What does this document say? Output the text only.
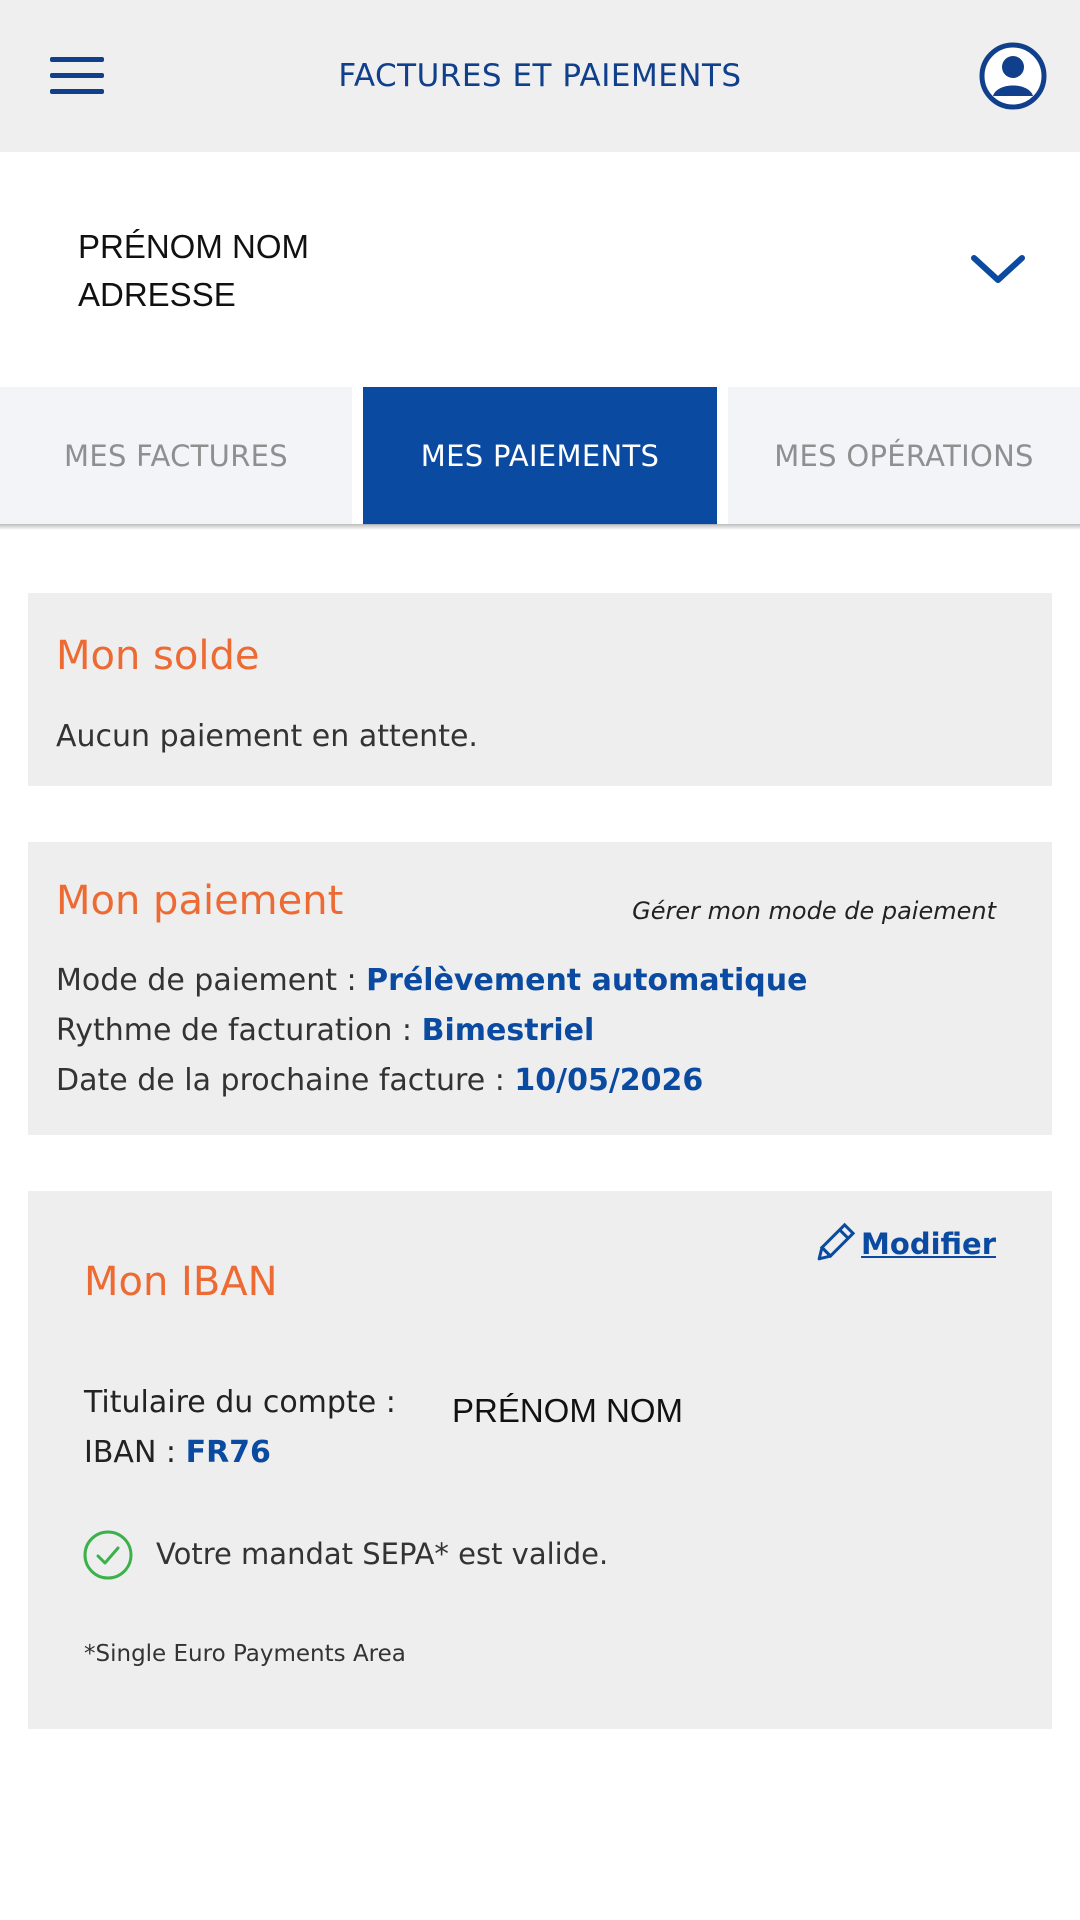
FACTURES ET PAIEMENTS
PRÉNOM NOM
ADRESSE
MES FACTURES	MES PAIEMENTS	MES OPÉRATIONS
Mon solde
Aucun paiement en attente.
Mon paiement	Gérer mon mode de paiement
Mode de paiement : Prélèvement automatique
Rythme de facturation : Bimestriel
Date de la prochaine facture : 10/05/2026
Mon IBAN
Modifier
Titulaire du compte : PRÉNOM NOM
IBAN : FR76
Votre mandat SEPA* est valide.
*Single Euro Payments Area
